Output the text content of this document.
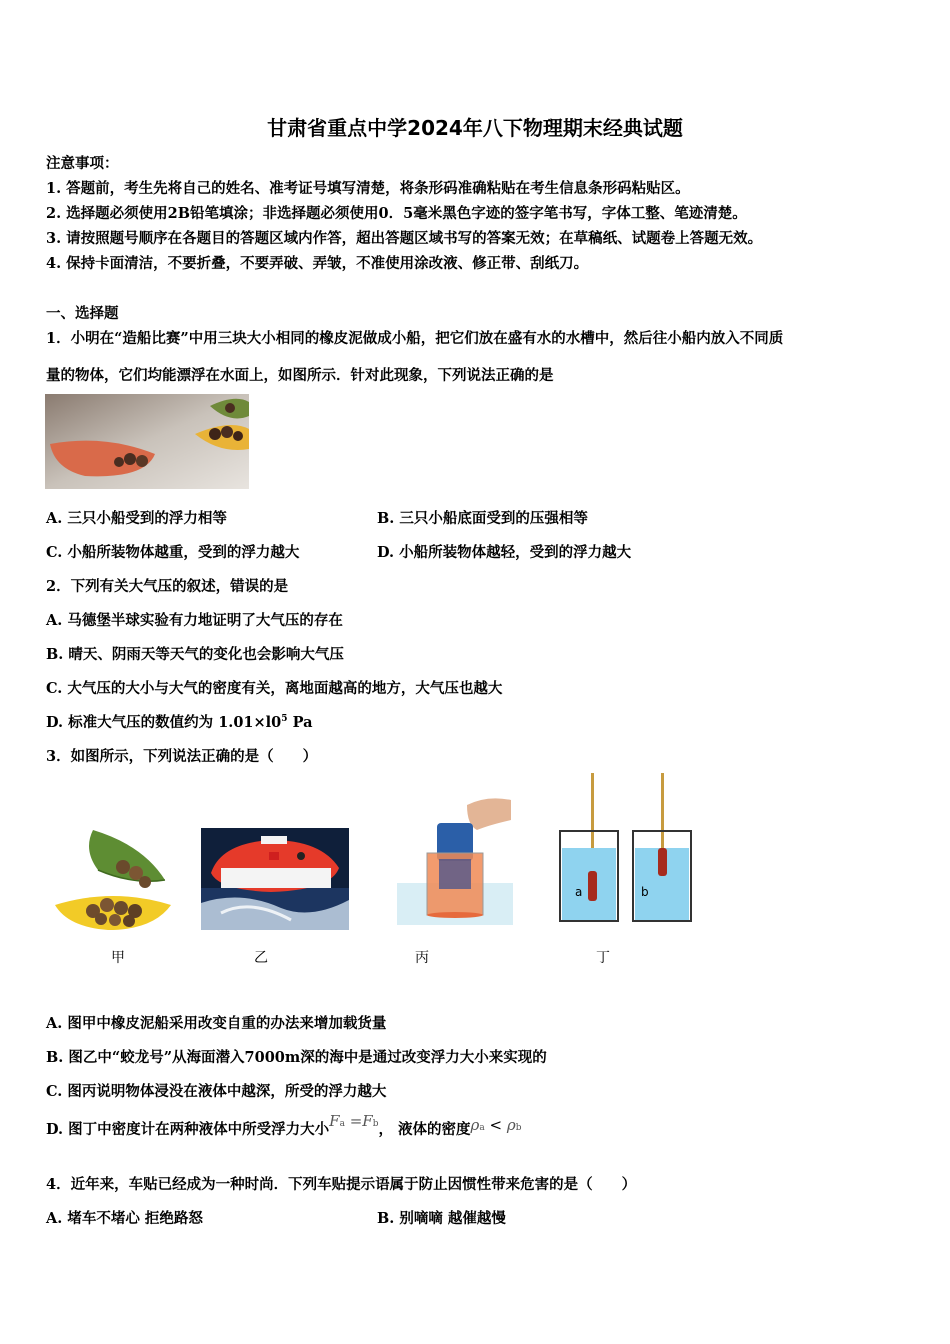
甘肃省重点中学2024年八下物理期末经典试题
注意事项：
1. 答题前，考生先将自己的姓名、准考证号填写清楚，将条形码准确粘贴在考生信息条形码粘贴区。
2. 选择题必须使用2B铅笔填涂；非选择题必须使用0．5毫米黑色字迹的签字笔书写，字体工整、笔迹清楚。
3. 请按照题号顺序在各题目的答题区域内作答，超出答题区域书写的答案无效；在草稿纸、试题卷上答题无效。
4. 保持卡面清洁，不要折叠，不要弄破、弄皱，不准使用涂改液、修正带、刮纸刀。
一、选择题
1．小明在“造船比赛”中用三块大小相同的橡皮泥做成小船，把它们放在盛有水的水槽中，然后往小船内放入不同质
量的物体，它们均能漂浮在水面上，如图所示．针对此现象，下列说法正确的是
A. 三只小船受到的浮力相等	B. 三只小船底面受到的压强相等
C. 小船所装物体越重，受到的浮力越大	D. 小船所装物体越轻，受到的浮力越大
2．下列有关大气压的叙述，错误的是
A. 马德堡半球实验有力地证明了大气压的存在
B. 晴天、阴雨天等天气的变化也会影响大气压
C. 大气压的大小与大气的密度有关，离地面越高的地方，大气压也越大
D. 标准大气压的数值约为 $1.01\times l0^5$ Pa
3．如图所示，下列说法正确的是（　　）
甲	乙	丙
a	b
丁
A. 图甲中橡皮泥船采用改变自重的办法来增加载货量
B. 图乙中“蛟龙号”从海面潜入7000m深的海中是通过改变浮力大小来实现的
C. 图丙说明物体浸没在液体中越深，所受的浮力越大
D. 图丁中密度计在两种液体中所受浮力大小Fa =Fb， 液体的密度ρa < ρb
4．近年来，车贴已经成为一种时尚．下列车贴提示语属于防止因惯性带来危害的是（　　）
A. 堵车不堵心 拒绝路怒	B. 别嘀嘀 越催越慢
